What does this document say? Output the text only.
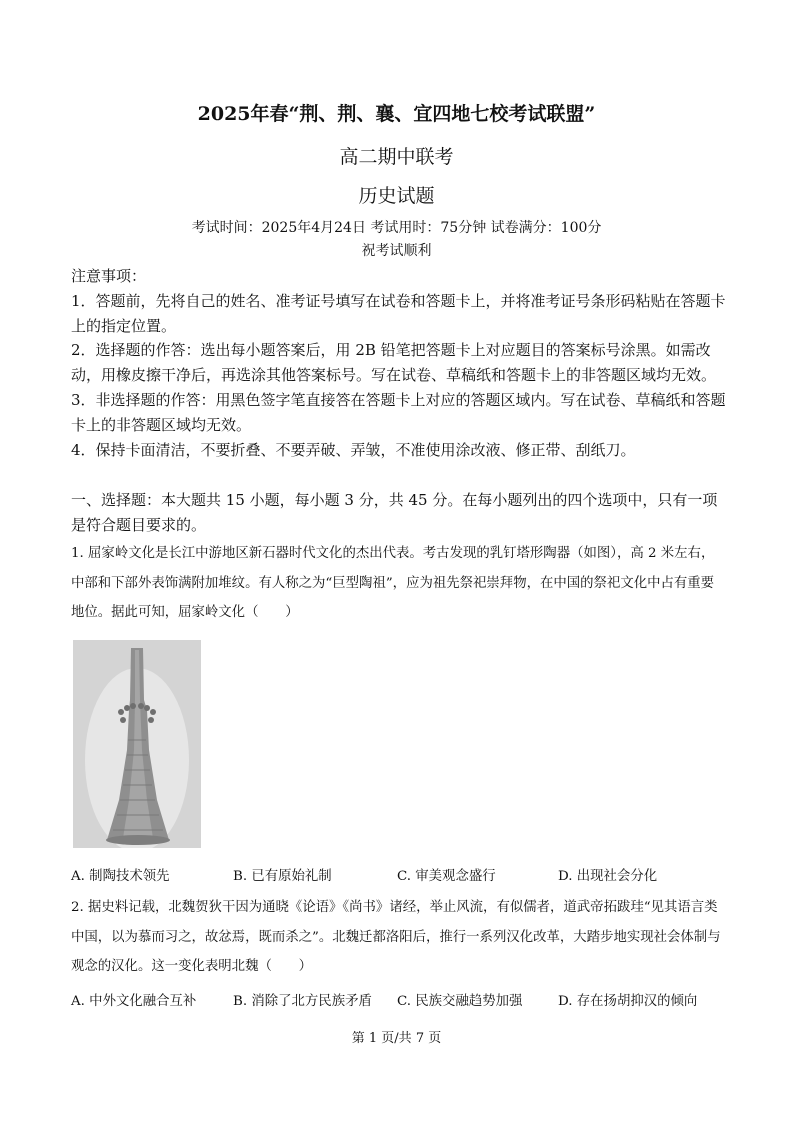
2025年春“荆、荆、襄、宜四地七校考试联盟”
高二期中联考
历史试题
考试时间：2025年4月24日 考试用时：75分钟 试卷满分：100分
祝考试顺利

注意事项：

1．答题前，先将自己的姓名、准考证号填写在试卷和答题卡上，并将准考证号条形码粘贴在答题卡上的指定位置。

2．选择题的作答：选出每小题答案后，用 2B 铅笔把答题卡上对应题目的答案标号涂黑。如需改动，用橡皮擦干净后，再选涂其他答案标号。写在试卷、草稿纸和答题卡上的非答题区域均无效。

3．非选择题的作答：用黑色签字笔直接答在答题卡上对应的答题区域内。写在试卷、草稿纸和答题卡上的非答题区域均无效。

4．保持卡面清洁，不要折叠、不要弄破、弄皱，不准使用涂改液、修正带、刮纸刀。

一、选择题：本大题共 15 小题，每小题 3 分，共 45 分。在每小题列出的四个选项中，只有一项是符合题目要求的。

1. 屈家岭文化是长江中游地区新石器时代文化的杰出代表。考古发现的乳钉塔形陶器（如图），高 2 米左右，中部和下部外表饰满附加堆纹。有人称之为“巨型陶祖”，应为祖先祭祀崇拜物，在中国的祭祀文化中占有重要地位。据此可知，屈家岭文化（　　）

A. 制陶技术领先	B. 已有原始礼制	C. 审美观念盛行	D. 出现社会分化

2. 据史料记载，北魏贺狄干因为通晓《论语》《尚书》诸经，举止风流，有似儒者，道武帝拓跋珪“见其语言类中国，以为慕而习之，故忿焉，既而杀之”。北魏迁都洛阳后，推行一系列汉化改革，大踏步地实现社会体制与观念的汉化。这一变化表明北魏（　　）

A. 中外文化融合互补	B. 消除了北方民族矛盾 C. 民族交融趋势加强	D. 存在扬胡抑汉的倾向
第 1 页/共 7 页
